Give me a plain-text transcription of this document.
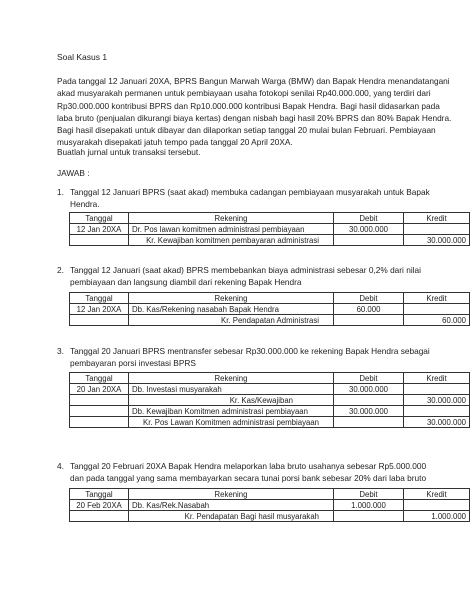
Soal Kasus 1
Pada tanggal 12 Januari 20XA, BPRS Bangun Marwah Warga (BMW) dan Bapak Hendra menandatangani
akad musyarakah permanen untuk pembiayaan usaha fotokopi senilai Rp40.000.000, yang terdiri dari
Rp30.000.000 kontribusi BPRS dan Rp10.000.000 kontribusi Bapak Hendra. Bagi hasil didasarkan pada
laba bruto (penjualan dikurangi biaya kertas) dengan nisbah bagi hasil 20% BPRS dan 80% Bapak Hendra.
Bagi hasil disepakati untuk dibayar dan dilaporkan setiap tanggal 20 mulai bulan Februari. Pembiayaan
musyarakah disepakati jatuh tempo pada tanggal 20 April 20XA.
Buatlah jurnal untuk transaksi tersebut.
JAWAB :
1. Tanggal 12 Januari BPRS (saat akad) membuka cadangan pembiayaan musyarakah untuk Bapak
Hendra.
Tanggal	Rekening	Debit	Kredit
12 Jan 20XA	Dr. Pos lawan komitmen administrasi pembiayaan	30.000.000	
	Kr. Kewajiban komitmen pembayaran administrasi		30.000.000
2. Tanggal 12 Januari (saat akad) BPRS membebankan biaya administrasi sebesar 0,2% dari nilai
pembiayaan dan langsung diambil dari rekening Bapak Hendra
Tanggal	Rekening	Debit	Kredit
12 Jan 20XA	Db. Kas/Rekening nasabah Bapak Hendra	60.000	
	Kr. Pendapatan Administrasi		60.000
3. Tanggal 20 Januari BPRS mentransfer sebesar Rp30.000.000 ke rekening Bapak Hendra sebagai
pembayaran porsi investasi BPRS
Tanggal	Rekening	Debit	Kredit
20 Jan 20XA	Db. Investasi musyarakah	30.000.000	
	Kr. Kas/Kewajiban		30.000.000
	Db. Kewajiban Komitmen administrasi pembiayaan	30.000.000	
	Kr. Pos Lawan Komitmen administrasi pembiayaan		30.000.000
4. Tanggal 20 Februari 20XA Bapak Hendra melaporkan laba bruto usahanya sebesar Rp5.000.000
dan pada tanggal yang sama membayarkan secara tunai porsi bank sebesar 20% dari laba bruto
Tanggal	Rekening	Debit	Kredit
20 Feb 20XA	Db. Kas/Rek.Nasabah	1.000.000	
	Kr. Pendapatan Bagi hasil musyarakah		1.000.000
